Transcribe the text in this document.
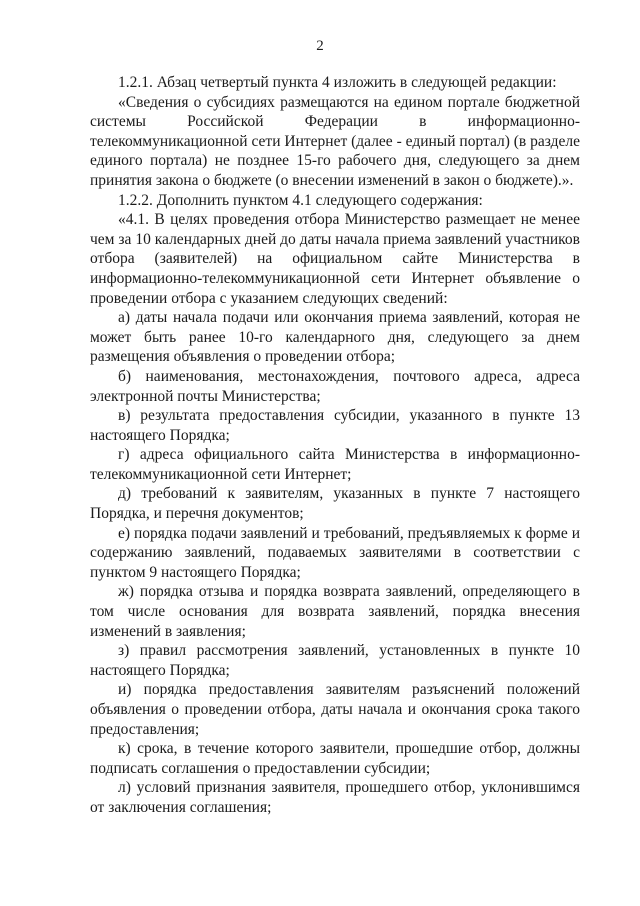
2

1.2.1. Абзац четвертый пункта 4 изложить в следующей редакции:

«Сведения о субсидиях размещаются на едином портале бюджетной системы Российской Федерации в информационно-телекоммуникационной сети Интернет (далее - единый портал) (в разделе единого портала) не позднее 15-го рабочего дня, следующего за днем принятия закона о бюджете (о внесении изменений в закон о бюджете).».

1.2.2. Дополнить пунктом 4.1 следующего содержания:

«4.1. В целях проведения отбора Министерство размещает не менее чем за 10 календарных дней до даты начала приема заявлений участников отбора (заявителей) на официальном сайте Министерства в информационно-телекоммуникационной сети Интернет объявление о проведении отбора с указанием следующих сведений:

а) даты начала подачи или окончания приема заявлений, которая не может быть ранее 10-го календарного дня, следующего за днем размещения объявления о проведении отбора;

б) наименования, местонахождения, почтового адреса, адреса электронной почты Министерства;

в) результата предоставления субсидии, указанного в пункте 13 настоящего Порядка;

г) адреса официального сайта Министерства в информационно-телекоммуникационной сети Интернет;

д) требований к заявителям, указанных в пункте 7 настоящего Порядка, и перечня документов;

е) порядка подачи заявлений и требований, предъявляемых к форме и содержанию заявлений, подаваемых заявителями в соответствии с пунктом 9 настоящего Порядка;

ж) порядка отзыва и порядка возврата заявлений, определяющего в том числе основания для возврата заявлений, порядка внесения изменений в заявления;

з) правил рассмотрения заявлений, установленных в пункте 10 настоящего Порядка;

и) порядка предоставления заявителям разъяснений положений объявления о проведении отбора, даты начала и окончания срока такого предоставления;

к) срока, в течение которого заявители, прошедшие отбор, должны подписать соглашения о предоставлении субсидии;

л) условий признания заявителя, прошедшего отбор, уклонившимся от заключения соглашения;
